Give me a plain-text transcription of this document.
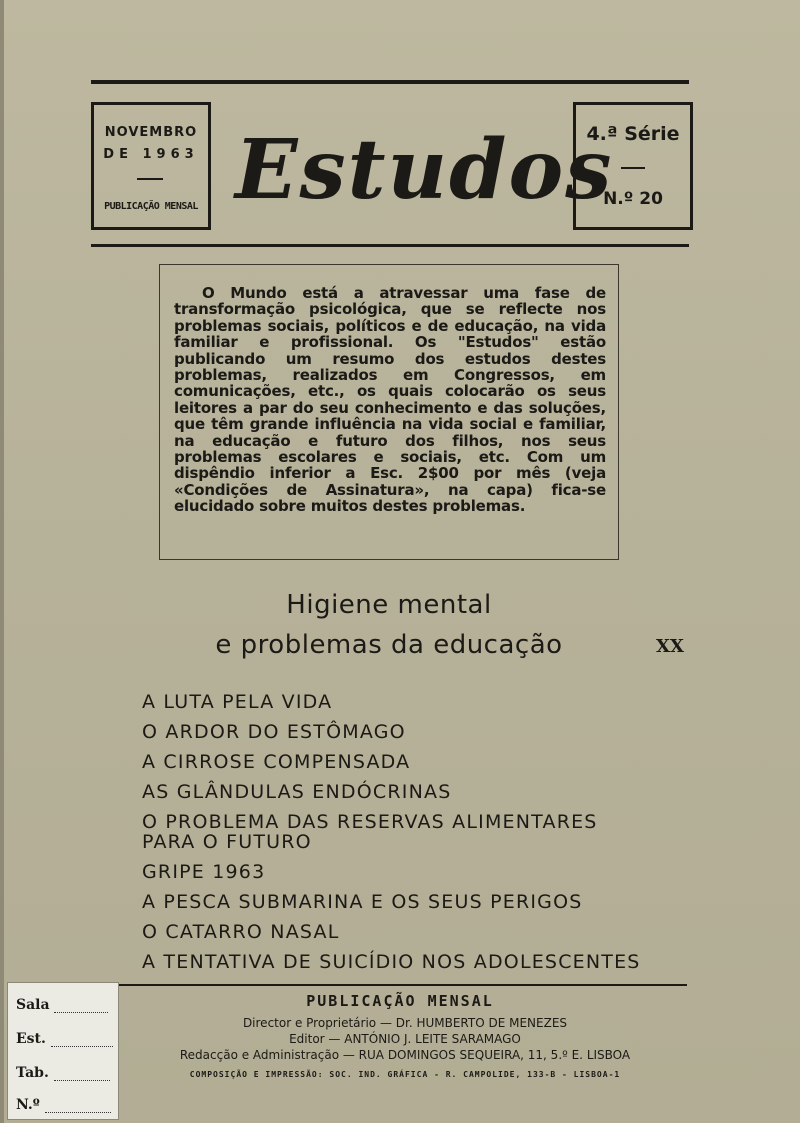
NOVEMBRO
DE 1963
PUBLICAÇÃO MENSAL Estudos
4.ª Série
N.º 20

O Mundo está a atravessar uma fase de transformação psicológica, que se reflecte nos problemas sociais, políticos e de educação, na vida familiar e profissional. Os "Estudos" estão publicando um resumo dos estudos destes problemas, realizados em Congressos, em comunicações, etc., os quais colocarão os seus leitores a par do seu conhecimento e das soluções, que têm grande influência na vida social e familiar, na educação e futuro dos filhos, nos seus problemas escolares e sociais, etc. Com um dispêndio inferior a Esc. 2$00 por mês (veja «Condições de Assinatura», na capa) fica-se elucidado sobre muitos destes problemas.

Higiene mental
e problemas da educação	XX
A LUTA PELA VIDA
O ARDOR DO ESTÔMAGO
A CIRROSE COMPENSADA
AS GLÂNDULAS ENDÓCRINAS
O PROBLEMA DAS RESERVAS ALIMENTARES PARA O FUTURO
GRIPE 1963
A PESCA SUBMARINA E OS SEUS PERIGOS
O CATARRO NASAL
A TENTATIVA DE SUICÍDIO NOS ADOLESCENTES
Sala
Est.
Tab.
N.º
PUBLICAÇÃO MENSAL
Director e Proprietário — Dr. HUMBERTO DE MENEZES
Editor — ANTÓNIO J. LEITE SARAMAGO
Redacção e Administração — RUA DOMINGOS SEQUEIRA, 11, 5.º E. LISBOA
COMPOSIÇÃO E IMPRESSÃO: SOC. IND. GRÁFICA - R. CAMPOLIDE, 133-B - LISBOA-1
